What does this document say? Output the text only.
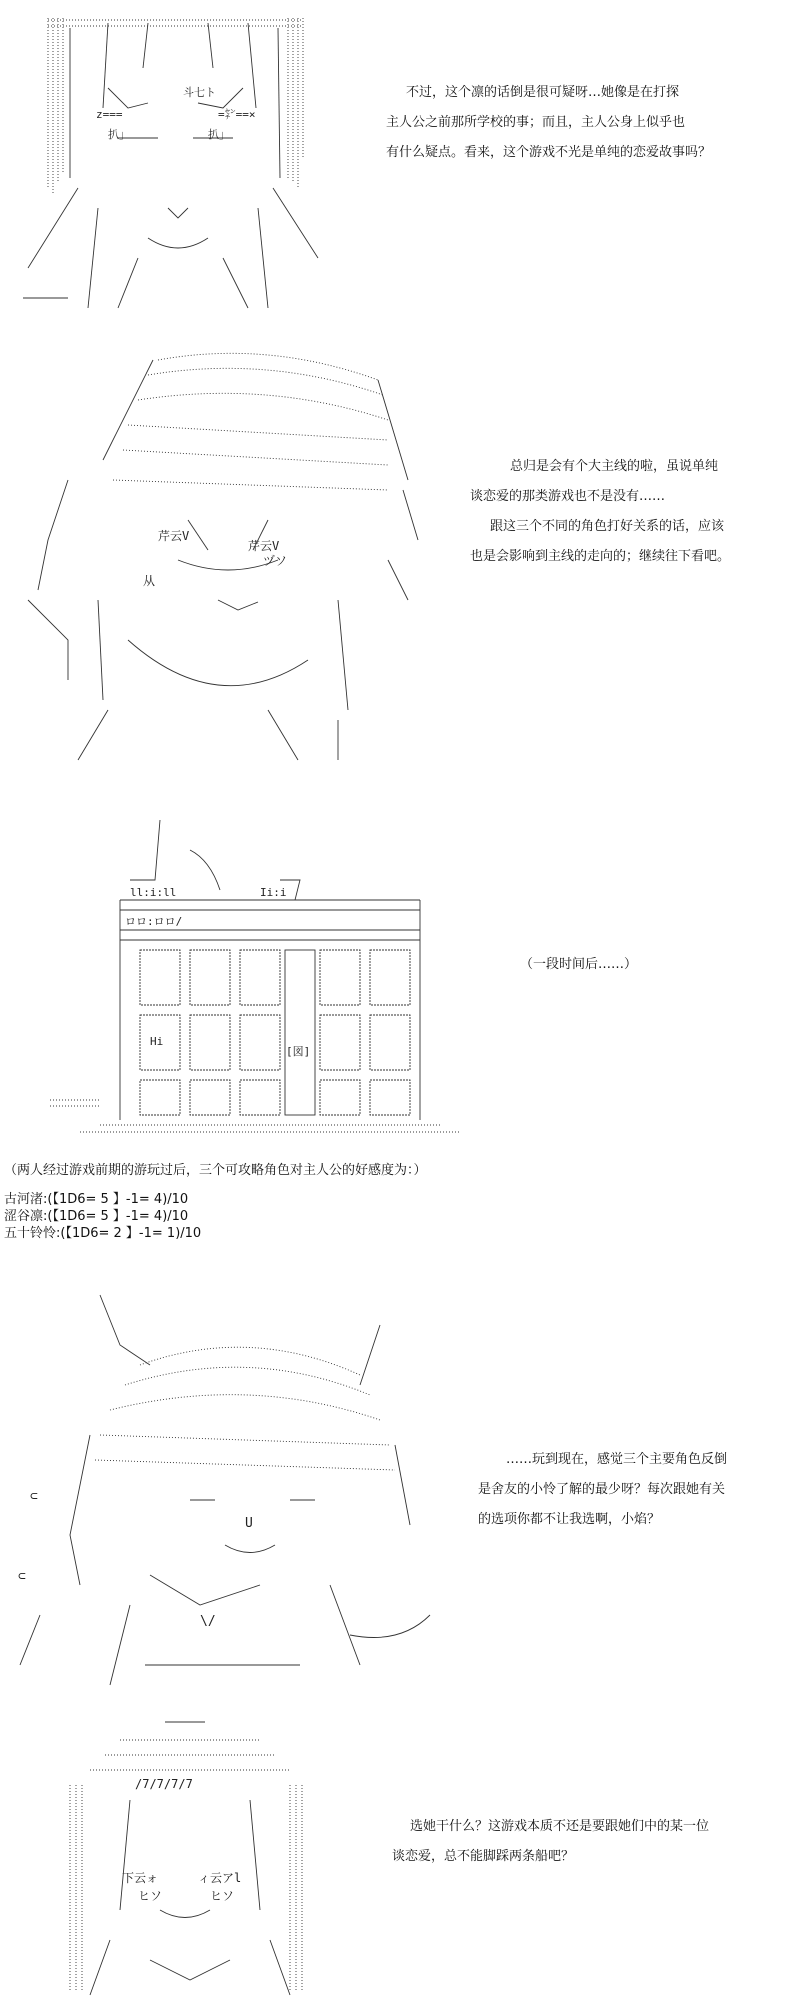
z===
扒」	扒」
斗七ト
=㌢==×
不过，这个凛的话倒是很可疑呀…她像是在打探
主人公之前那所学校的事；而且，主人公身上似乎也
有什么疑点。看来，这个游戏不光是单纯的恋爱故事吗？
芹云V
芹云V
ヅソ
从
总归是会有个大主线的啦，虽说单纯
谈恋爱的那类游戏也不是没有……
跟这三个不同的角色打好关系的话，应该
也是会影响到主线的走向的；继续往下看吧。
ll:i:ll	Ii:i
ロロ:ロロ/
Hi
[図]
（一段时间后……）
（两人经过游戏前期的游玩过后，三个可攻略角色对主人公的好感度为：）
古河渚:(【1D6= 5 】-1= 4)/10
涩谷凛:(【1D6= 5 】-1= 4)/10
五十铃怜:(【1D6= 2 】-1= 1)/10
⊂
⊂
U
\/
……玩到现在，感觉三个主要角色反倒
是舍友的小怜了解的最少呀？每次跟她有关
的选项你都不让我选啊，小焰？
/7/7/7/7
下云ォ	ィ云アl
ヒソ	ヒソ
选她干什么？这游戏本质不还是要跟她们中的某一位
谈恋爱，总不能脚踩两条船吧？
